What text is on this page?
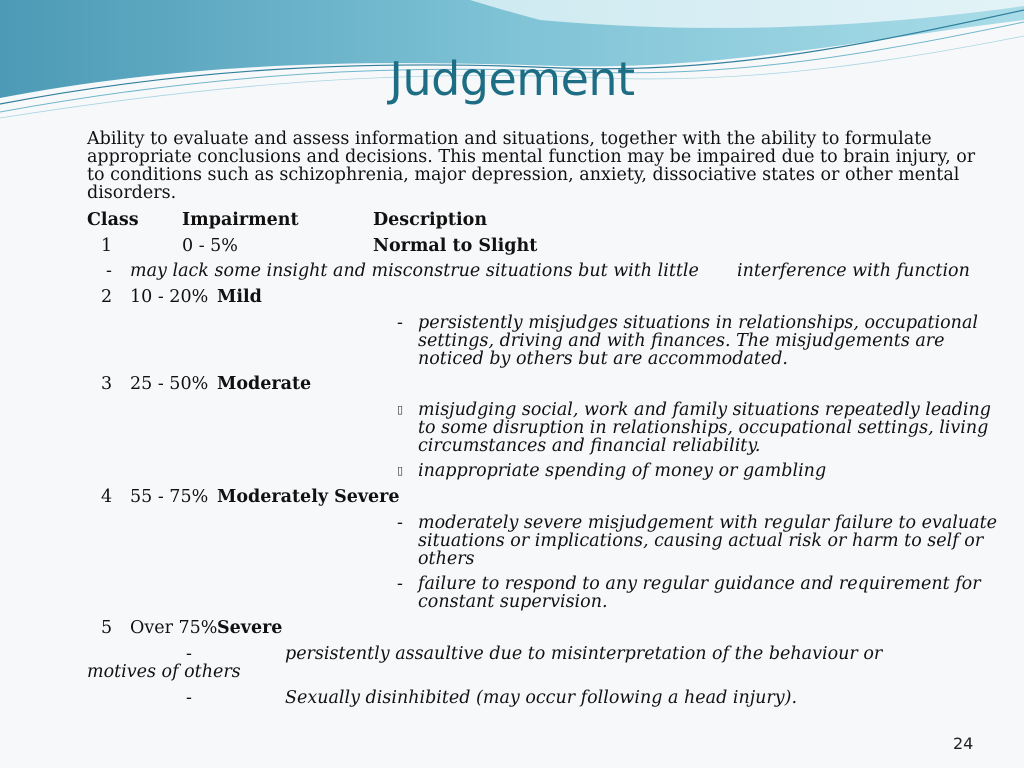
Judgement
Ability to evaluate and assess information and situations, together with the ability to formulate appropriate conclusions and decisions. This mental function may be impaired due to brain injury, or to conditions such as schizophrenia, major depression, anxiety, dissociative states or other mental disorders.
Class Impairment	Description
1	0 - 5%	Normal to Slight
- may lack some insight and misconstrue situations but with little interference with function
2 10 - 20% Mild
- persistently misjudges situations in relationships, occupational
settings, driving and with finances. The misjudgements are
noticed by others but are accommodated.
3 25 - 50% Moderate
▯ misjudging social, work and family situations repeatedly leading
to some disruption in relationships, occupational settings, living
circumstances and financial reliability.
▯ inappropriate spending of money or gambling
4 55 - 75% Moderately Severe
- moderately severe misjudgement with regular failure to evaluate
situations or implications, causing actual risk or harm to self or
others
- failure to respond to any regular guidance and requirement for
constant supervision.
5 Over 75% Severe
-	persistently assaultive due to misinterpretation of the behaviour or
motives of others
-	Sexually disinhibited (may occur following a head injury).
24
